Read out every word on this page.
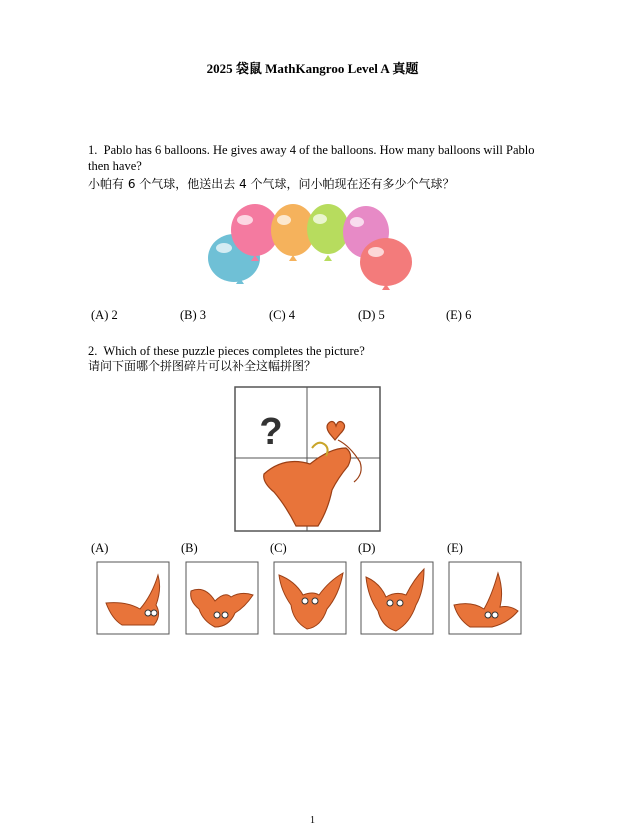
2025 袋鼠 MathKangroo Level A 真题
1. Pablo has 6 balloons. He gives away 4 of the balloons. How many balloons will Pablo then have?
小帕有 6 个气球，他送出去 4 个气球，问小帕现在还有多少个气球？
(A) 2	(B) 3	(C) 4	(D) 5	(E) 6
2. Which of these puzzle pieces completes the picture?
请问下面哪个拼图碎片可以补全这幅拼图？
?
(A)	(B)	(C)	(D)	(E)
1
